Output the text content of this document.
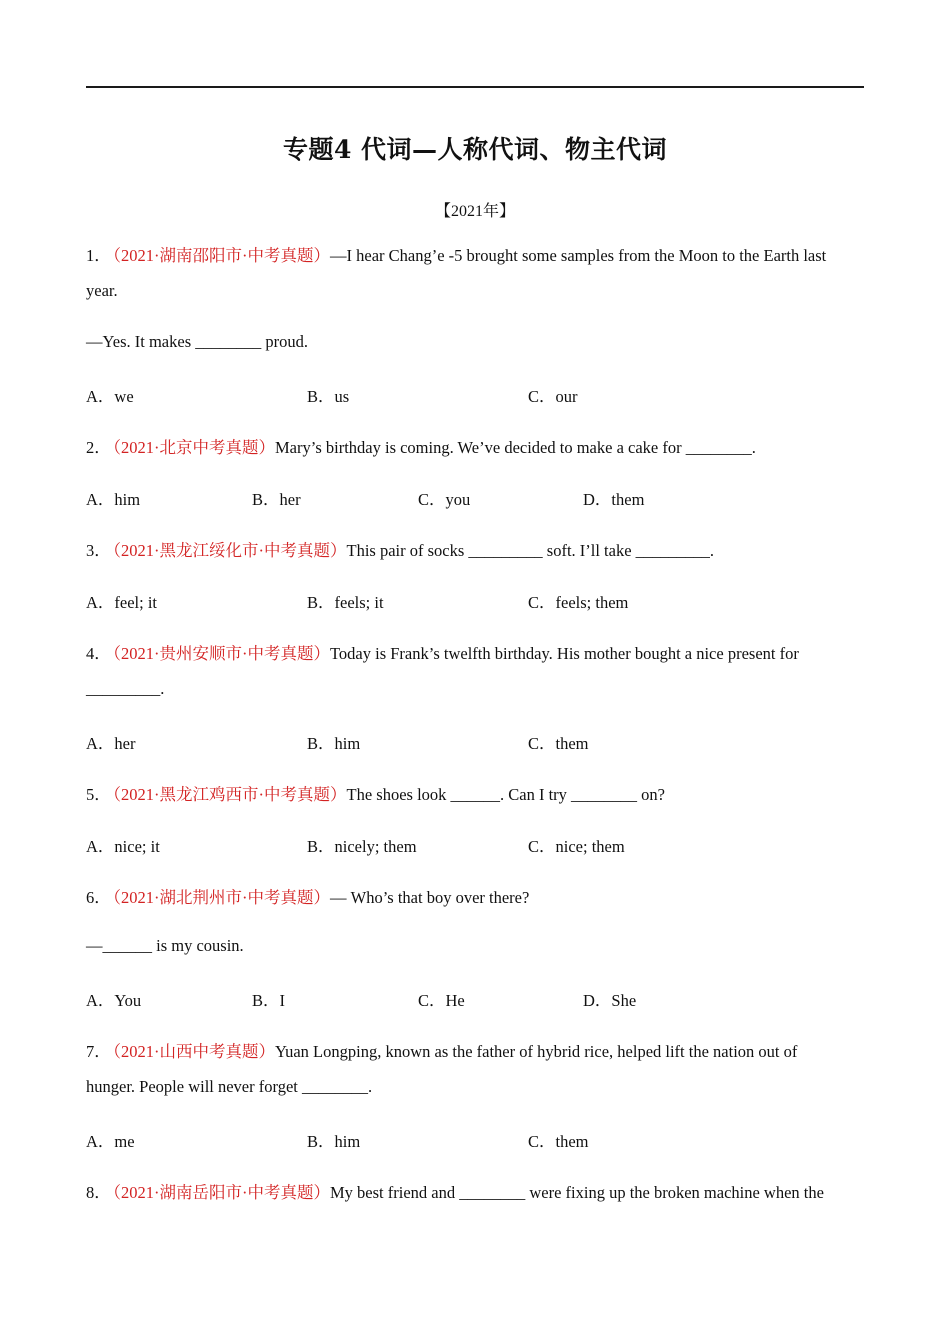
专题4 代词—人称代词、物主代词
【2021年】
1． （2021·湖南邵阳市·中考真题）—I hear Chang’e -5 brought some samples from the Moon to the Earth last
year.
—Yes. It makes ________ proud.
A．we	B．us	C．our
2． （2021·北京中考真题）Mary’s birthday is coming. We’ve decided to make a cake for ________.
A．him	B．her	C．you	D．them
3． （2021·黑龙江绥化市·中考真题）This pair of socks _________ soft. I’ll take _________.
A．feel; it	B．feels; it	C．feels; them
4． （2021·贵州安顺市·中考真题）Today is Frank’s twelfth birthday. His mother bought a nice present for
_________.
A．her	B．him	C．them
5． （2021·黑龙江鸡西市·中考真题）The shoes look ______. Can I try ________ on?
A．nice; it	B．nicely; them	C．nice; them
6． （2021·湖北荆州市·中考真题）— Who’s that boy over there?
—______ is my cousin.
A．You	B．I	C．He	D．She
7． （2021·山西中考真题）Yuan Longping, known as the father of hybrid rice, helped lift the nation out of
hunger. People will never forget ________.
A．me	B．him	C．them
8． （2021·湖南岳阳市·中考真题）My best friend and ________ were fixing up the broken machine when the
